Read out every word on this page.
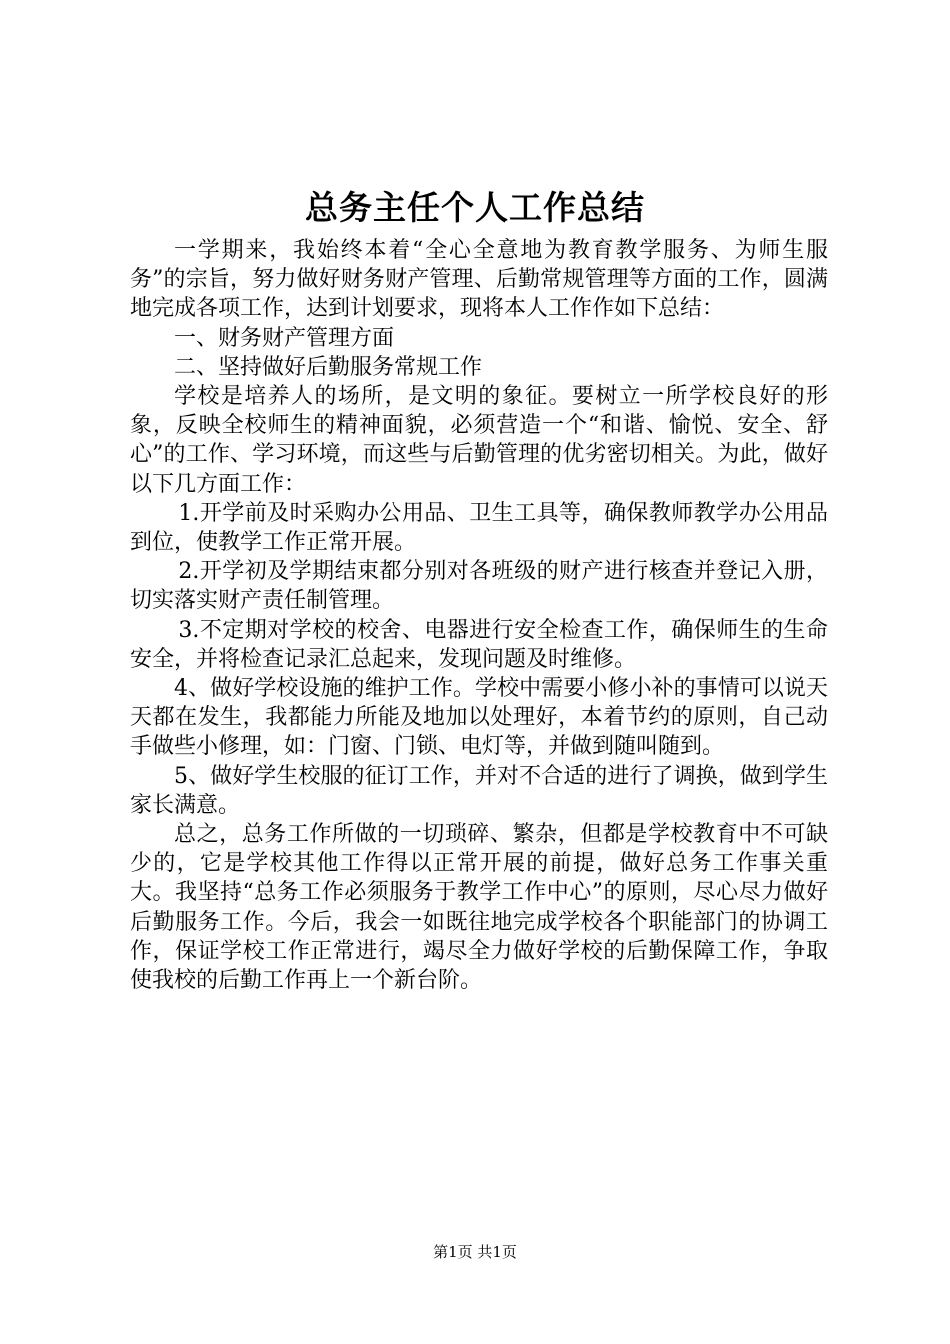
总务主任个人工作总结

一学期来，我始终本着“全心全意地为教育教学服务、为师生服务”的宗旨，努力做好财务财产管理、后勤常规管理等方面的工作，圆满地完成各项工作，达到计划要求，现将本人工作作如下总结：

一、财务财产管理方面

二、坚持做好后勤服务常规工作

学校是培养人的场所，是文明的象征。要树立一所学校良好的形象，反映全校师生的精神面貌，必须营造一个“和谐、愉悦、安全、舒心”的工作、学习环境，而这些与后勤管理的优劣密切相关。为此，做好以下几方面工作：

1.开学前及时采购办公用品、卫生工具等，确保教师教学办公用品到位，使教学工作正常开展。

2.开学初及学期结束都分别对各班级的财产进行核查并登记入册，切实落实财产责任制管理。

3.不定期对学校的校舍、电器进行安全检查工作，确保师生的生命安全，并将检查记录汇总起来，发现问题及时维修。

4、做好学校设施的维护工作。学校中需要小修小补的事情可以说天天都在发生，我都能力所能及地加以处理好，本着节约的原则，自己动手做些小修理，如：门窗、门锁、电灯等，并做到随叫随到。

5、做好学生校服的征订工作，并对不合适的进行了调换，做到学生家长满意。

总之，总务工作所做的一切琐碎、繁杂，但都是学校教育中不可缺少的，它是学校其他工作得以正常开展的前提，做好总务工作事关重大。我坚持“总务工作必须服务于教学工作中心”的原则，尽心尽力做好后勤服务工作。今后，我会一如既往地完成学校各个职能部门的协调工作，保证学校工作正常进行，竭尽全力做好学校的后勤保障工作，争取使我校的后勤工作再上一个新台阶。

第1页 共1页
